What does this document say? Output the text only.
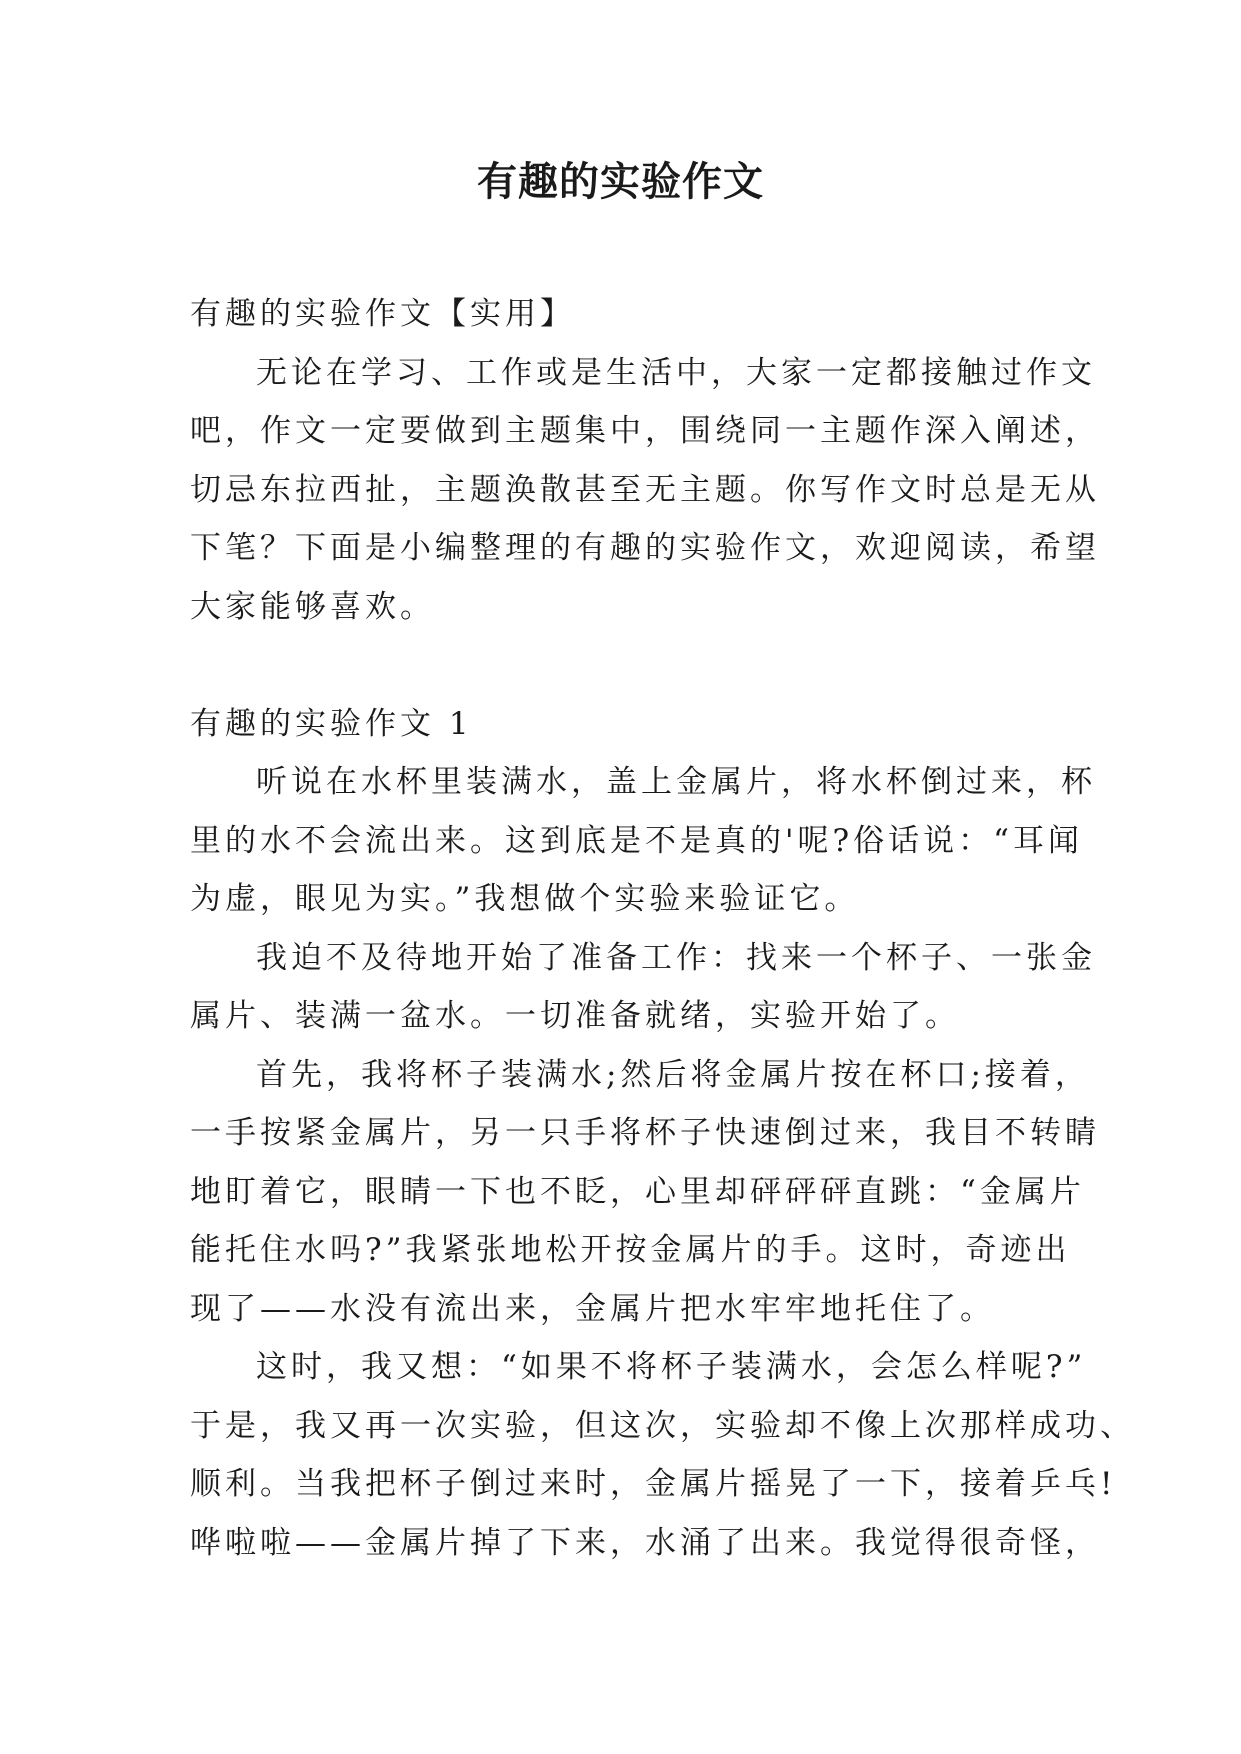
有趣的实验作文
有趣的实验作文【实用】
无论在学习、工作或是生活中，大家一定都接触过作文
吧，作文一定要做到主题集中，围绕同一主题作深入阐述，
切忌东拉西扯，主题涣散甚至无主题。你写作文时总是无从
下笔？下面是小编整理的有趣的实验作文，欢迎阅读，希望
大家能够喜欢。
有趣的实验作文 1
听说在水杯里装满水，盖上金属片，将水杯倒过来，杯
里的水不会流出来。这到底是不是真的'呢?俗话说：“耳闻
为虚，眼见为实。”我想做个实验来验证它。
我迫不及待地开始了准备工作：找来一个杯子、一张金
属片、装满一盆水。一切准备就绪，实验开始了。
首先，我将杯子装满水;然后将金属片按在杯口;接着，
一手按紧金属片，另一只手将杯子快速倒过来，我目不转睛
地盯着它，眼睛一下也不眨，心里却砰砰砰直跳：“金属片
能托住水吗?”我紧张地松开按金属片的手。这时，奇迹出
现了——水没有流出来，金属片把水牢牢地托住了。
这时，我又想：“如果不将杯子装满水，会怎么样呢?”
于是，我又再一次实验，但这次，实验却不像上次那样成功、
顺利。当我把杯子倒过来时，金属片摇晃了一下，接着乒乓!
哗啦啦——金属片掉了下来，水涌了出来。我觉得很奇怪，
